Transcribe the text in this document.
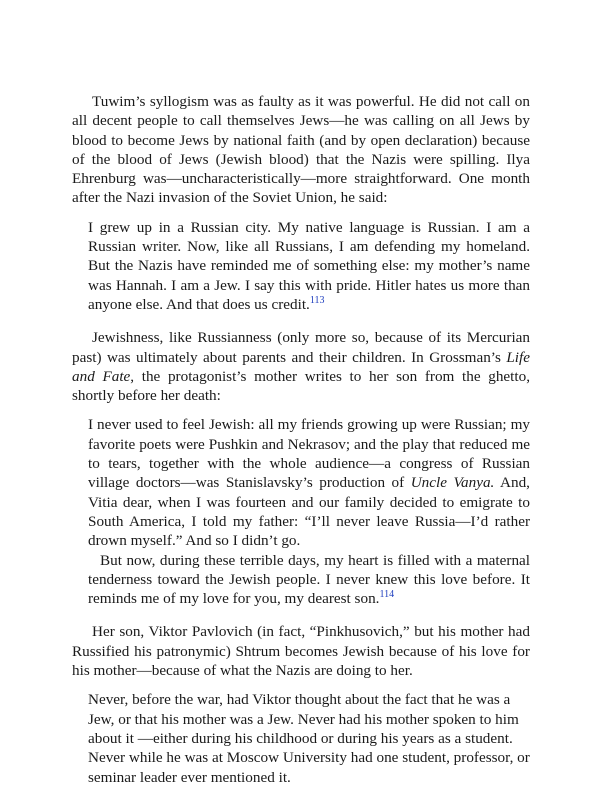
Tuwim’s syllogism was as faulty as it was powerful. He did not call on all decent people to call themselves Jews—he was calling on all Jews by blood to become Jews by national faith (and by open declaration) because of the blood of Jews (Jewish blood) that the Nazis were spilling. Ilya Ehrenburg was—uncharacteristically—more straightforward. One month after the Nazi invasion of the Soviet Union, he said:

I grew up in a Russian city. My native language is Russian. I am a Russian writer. Now, like all Russians, I am defending my homeland. But the Nazis have reminded me of something else: my mother’s name was Hannah. I am a Jew. I say this with pride. Hitler hates us more than anyone else. And that does us credit.$^{113}$

Jewishness, like Russianness (only more so, because of its Mercurian past) was ultimately about parents and their children. In Grossman’s Life and Fate, the protagonist’s mother writes to her son from the ghetto, shortly before her death:

I never used to feel Jewish: all my friends growing up were Russian; my favorite poets were Pushkin and Nekrasov; and the play that reduced me to tears, together with the whole audience—a congress of Russian village doctors—was Stanislavsky’s production of Uncle Vanya. And, Vitia dear, when I was fourteen and our family decided to emigrate to South America, I told my father: “I’ll never leave Russia—I’d rather drown myself.” And so I didn’t go.

But now, during these terrible days, my heart is filled with a maternal tenderness toward the Jewish people. I never knew this love before. It reminds me of my love for you, my dearest son.$^{114}$

Her son, Viktor Pavlovich (in fact, “Pinkhusovich,” but his mother had Russified his patronymic) Shtrum becomes Jewish because of his love for his mother—because of what the Nazis are doing to her.

Never, before the war, had Viktor thought about the fact that he was a Jew, or that his mother was a Jew. Never had his mother spoken to him about it —either during his childhood or during his years as a student. Never while he was at Moscow University had one student, professor, or seminar leader ever mentioned it.
